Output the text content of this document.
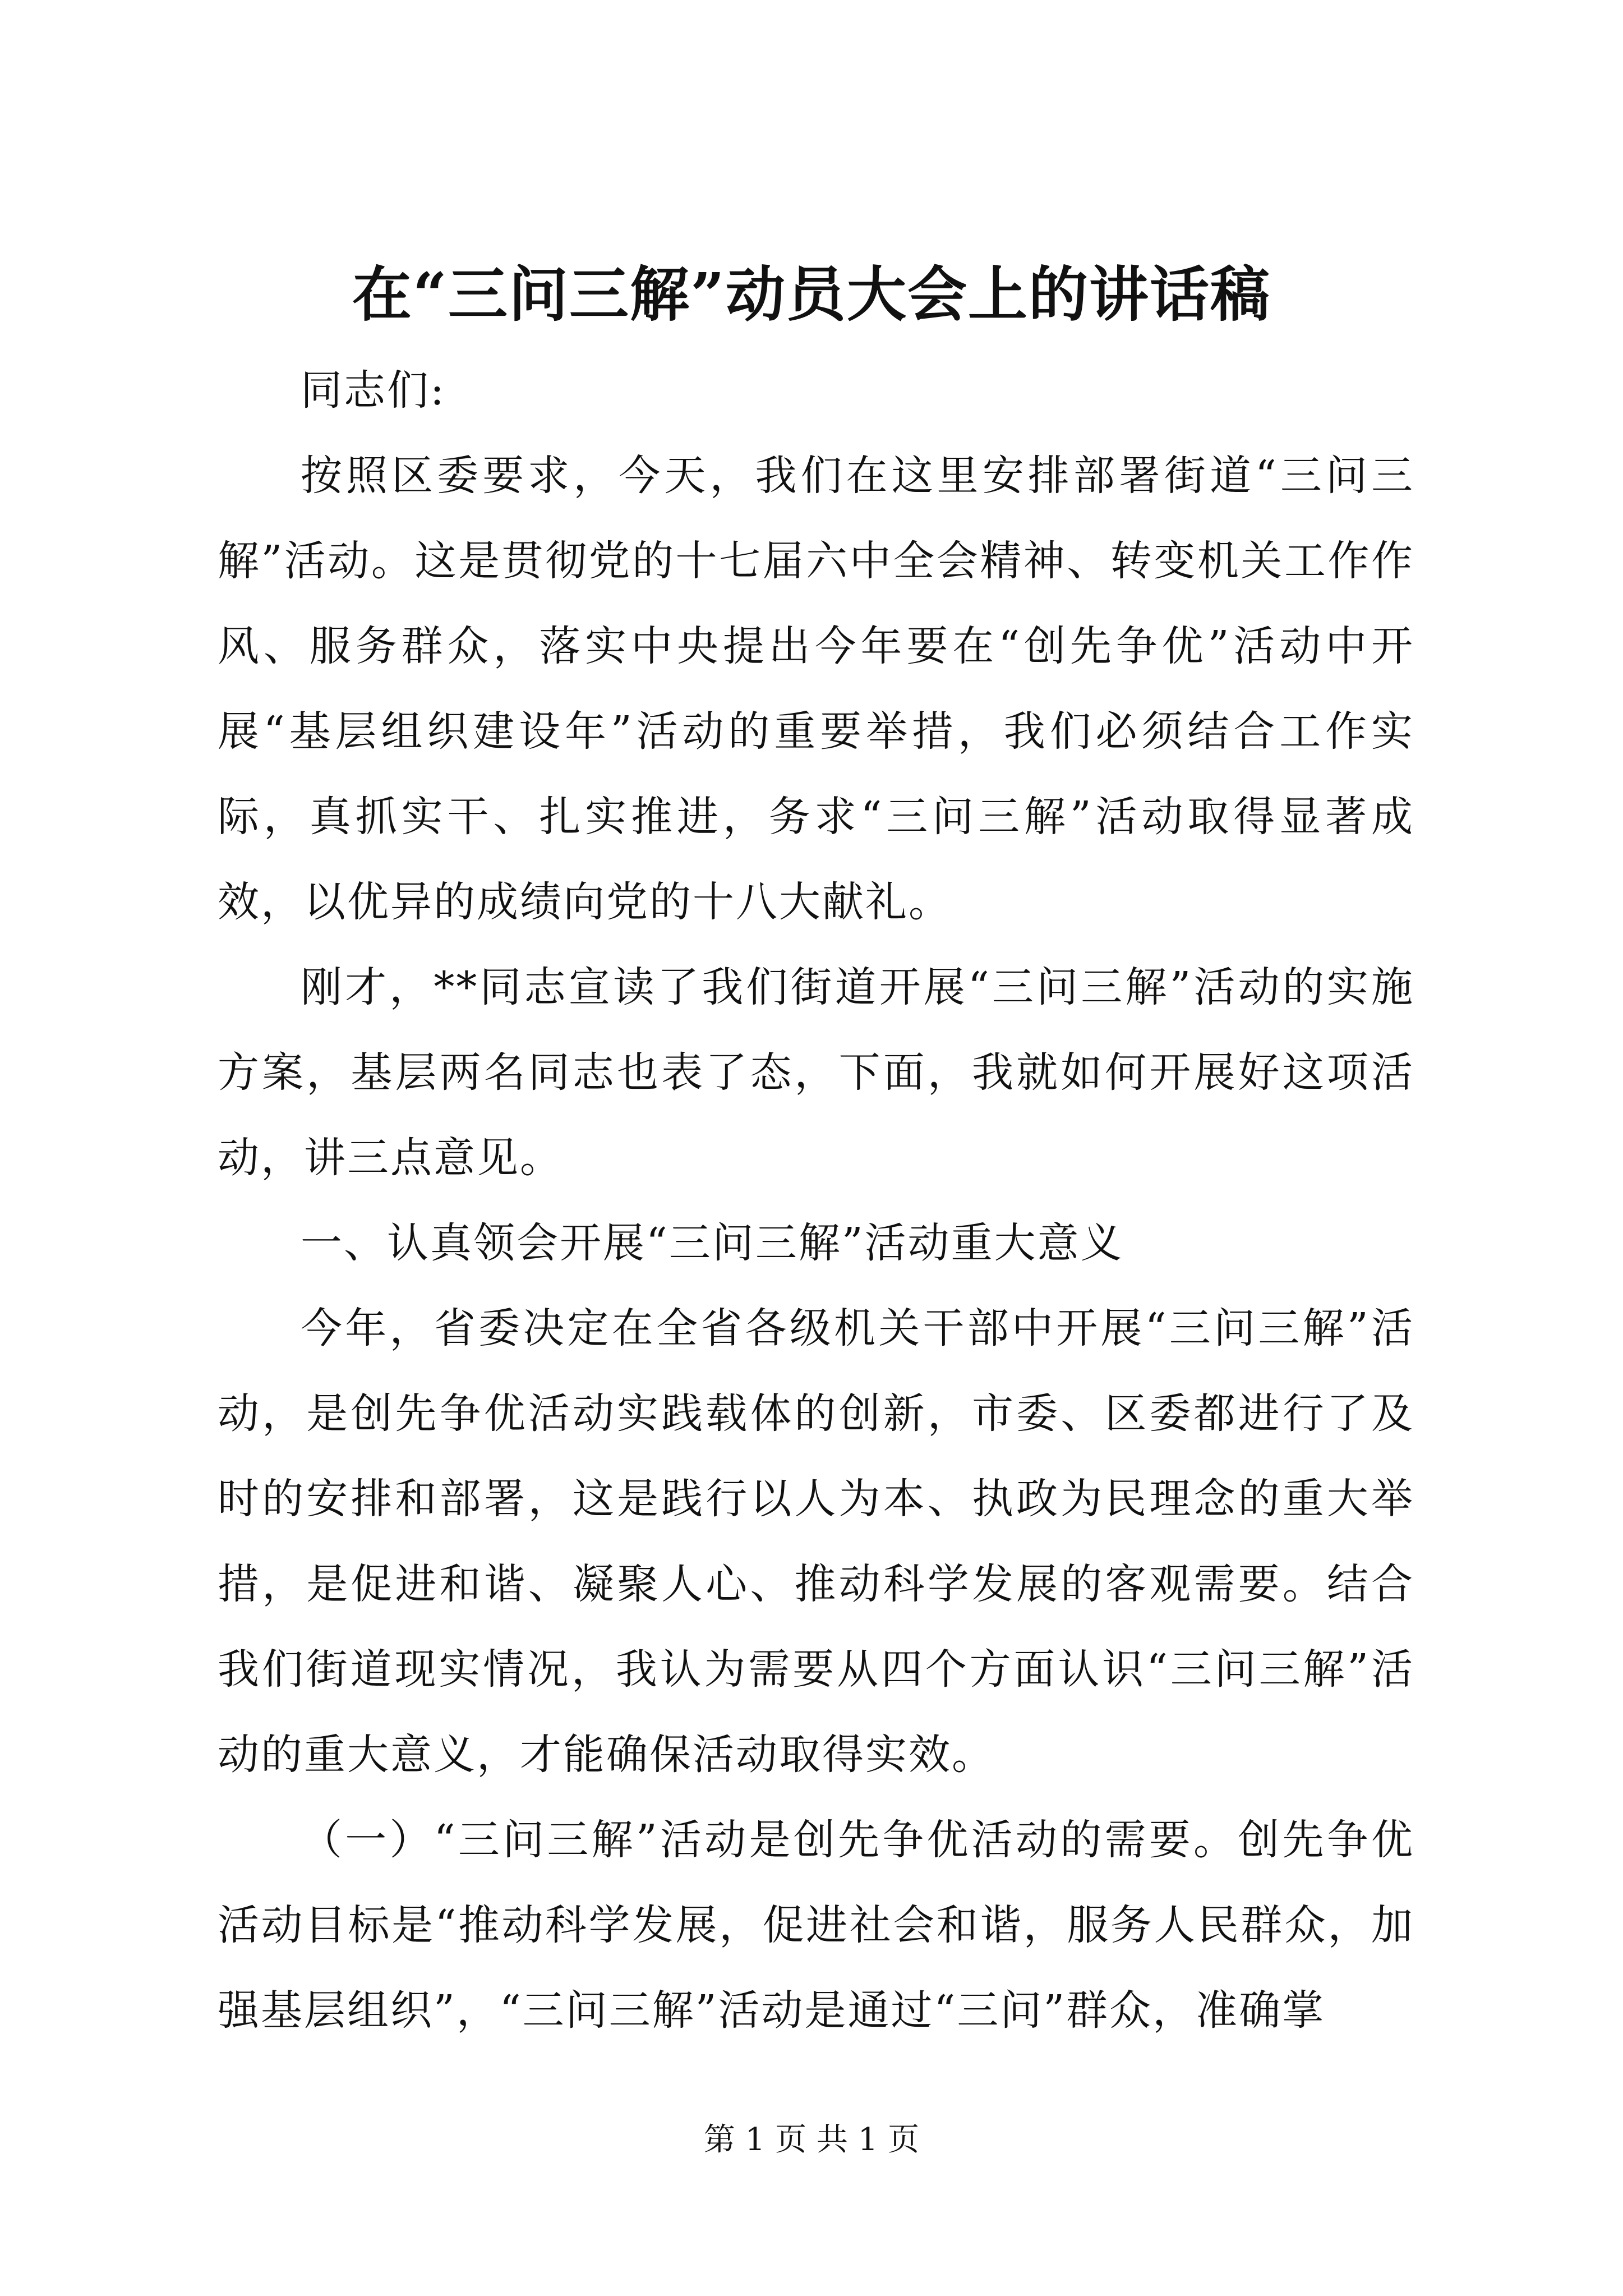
在“三问三解”动员大会上的讲话稿

同志们:

按照区委要求，今天，我们在这里安排部署街道“三问三解”活动。这是贯彻党的十七届六中全会精神、转变机关工作作风、服务群众，落实中央提出今年要在“创先争优”活动中开展“基层组织建设年”活动的重要举措，我们必须结合工作实际，真抓实干、扎实推进，务求“三问三解”活动取得显著成效，以优异的成绩向党的十八大献礼。

刚才，**同志宣读了我们街道开展“三问三解”活动的实施方案，基层两名同志也表了态，下面，我就如何开展好这项活动，讲三点意见。

一、认真领会开展“三问三解”活动重大意义

今年，省委决定在全省各级机关干部中开展“三问三解”活动，是创先争优活动实践载体的创新，市委、区委都进行了及时的安排和部署，这是践行以人为本、执政为民理念的重大举措，是促进和谐、凝聚人心、推动科学发展的客观需要。结合我们街道现实情况，我认为需要从四个方面认识“三问三解”活动的重大意义，才能确保活动取得实效。

（一）“三问三解”活动是创先争优活动的需要。创先争优活动目标是“推动科学发展，促进社会和谐，服务人民群众，加强基层组织”，“三问三解”活动是通过“三问”群众，准确掌

第 1 页 共 1 页
